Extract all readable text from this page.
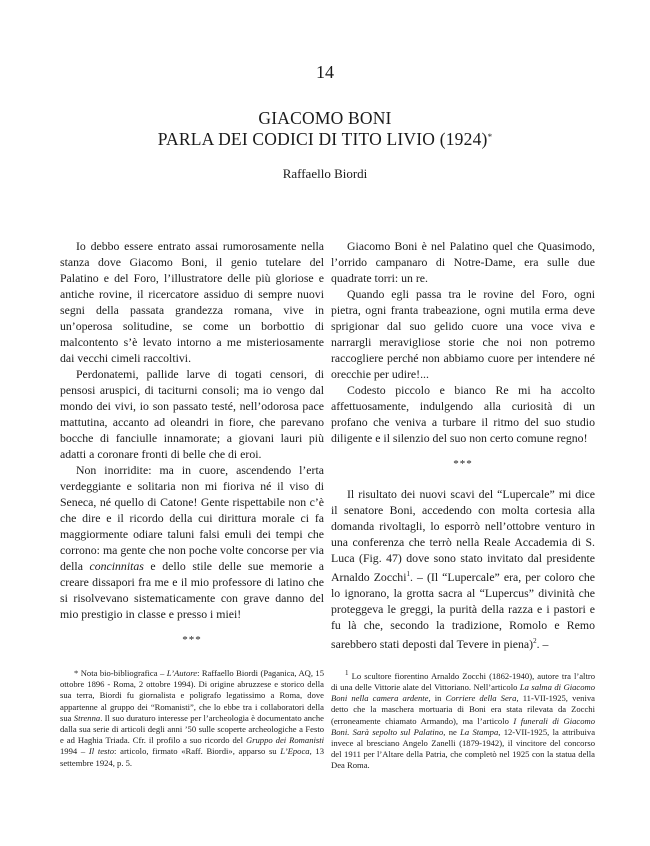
14
GIACOMO BONI
PARLA DEI CODICI DI TITO LIVIO (1924)*
Raffaello Biordi

Io debbo essere entrato assai rumorosamente nella stanza dove Giacomo Boni, il genio tutelare del Palatino e del Foro, l’illustratore delle più gloriose e antiche rovine, il ricercatore assiduo di sempre nuovi segni della passata grandezza romana, vive in un’operosa solitudine, se come un borbottio di malcontento s’è levato intorno a me misteriosamente dai vecchi cimeli raccoltivi.

Perdonatemi, pallide larve di togati censori, di pensosi aruspici, di taciturni consoli; ma io vengo dal mondo dei vivi, io son passato testé, nell’odorosa pace mattutina, accanto ad oleandri in fiore, che parevano bocche di fanciulle innamorate; a giovani lauri più adatti a coronare fronti di belle che di eroi.

Non inorridite: ma in cuore, ascendendo l’erta verdeggiante e solitaria non mi fioriva né il viso di Seneca, né quello di Catone! Gente rispettabile non c’è che dire e il ricordo della cui dirittura morale ci fa maggiormente odiare taluni falsi emuli dei tempi che corrono: ma gente che non poche volte concorse per via della concinnitas e dello stile delle sue memorie a creare dissapori fra me e il mio professore di latino che si risolvevano sistematicamente con grave danno del mio prestigio in classe e presso i miei!

***

Giacomo Boni è nel Palatino quel che Quasimodo, l’orrido campanaro di Notre-Dame, era sulle due quadrate torri: un re.

Quando egli passa tra le rovine del Foro, ogni pietra, ogni franta trabeazione, ogni mutila erma deve sprigionar dal suo gelido cuore una voce viva e narrargli meravigliose storie che noi non potremo raccogliere perché non abbiamo cuore per intendere né orecchie per udire!...

Codesto piccolo e bianco Re mi ha accolto affettuosamente, indulgendo alla curiosità di un profano che veniva a turbare il ritmo del suo studio diligente e il silenzio del suo non certo comune regno!

***

Il risultato dei nuovi scavi del “Lupercale” mi dice il senatore Boni, accedendo con molta cortesia alla domanda rivoltagli, lo esporrò nell’ottobre venturo in una conferenza che terrò nella Reale Accademia di S. Luca (Fig. 47) dove sono stato invitato dal presidente Arnaldo Zocchi$^1$. – (Il “Lupercale” era, per coloro che lo ignorano, la grotta sacra al “Lupercus” divinità che proteggeva le greggi, la purità della razza e i pastori e fu là che, secondo la tradizione, Romolo e Remo sarebbero stati deposti dal Tevere in piena)$^2$. –

* Nota bio-bibliografica – L’Autore: Raffaello Biordi (Paganica, AQ, 15 ottobre 1896 - Roma, 2 ottobre 1994). Di origine abruzzese e storico della sua terra, Biordi fu giornalista e poligrafo legatissimo a Roma, dove appartenne al gruppo dei “Romanisti”, che lo ebbe tra i collaboratori della sua Strenna. Il suo duraturo interesse per l’archeologia è documentato anche dalla sua serie di articoli degli anni ’50 sulle scoperte archeologiche a Festo e ad Haghia Triada. Cfr. il profilo a suo ricordo del Gruppo dei Romanisti 1994 – Il testo: articolo, firmato «Raff. Biordi», apparso su L’Epoca, 13 settembre 1924, p. 5.

$^1$ Lo scultore fiorentino Arnaldo Zocchi (1862-1940), autore tra l’altro di una delle Vittorie alate del Vittoriano. Nell’articolo La salma di Giacomo Boni nella camera ardente, in Corriere della Sera, 11-VII-1925, veniva detto che la maschera mortuaria di Boni era stata rilevata da Zocchi (erroneamente chiamato Armando), ma l’articolo I funerali di Giacomo Boni. Sarà sepolto sul Palatino, ne La Stampa, 12-VII-1925, la attribuiva invece al bresciano Angelo Zanelli (1879-1942), il vincitore del concorso del 1911 per l’Altare della Patria, che completò nel 1925 con la statua della Dea Roma.
